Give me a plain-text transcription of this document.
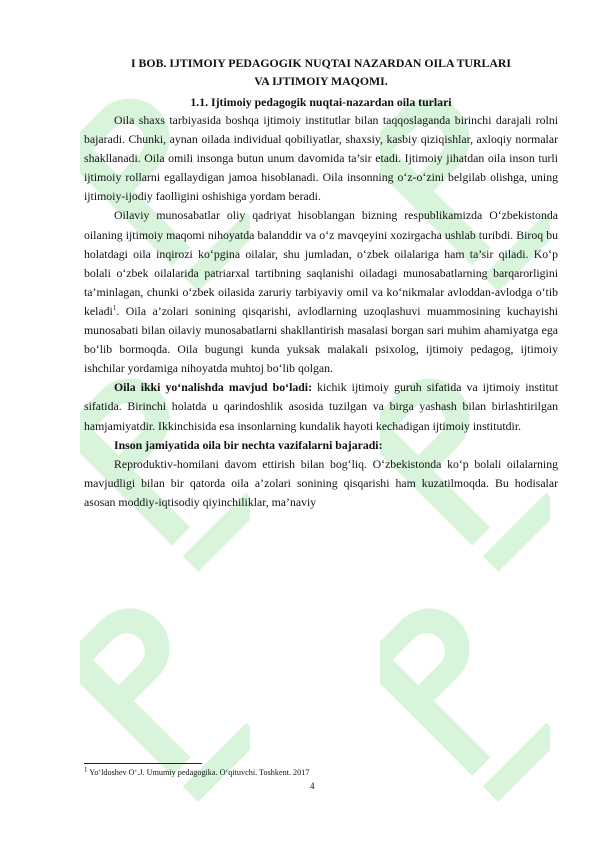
I BOB. IJTIMOIY PEDAGOGIK NUQTAI NAZARDAN OILA TURLARI
VA IJTIMOIY MAQOMI.

1.1. Ijtimoiy pedagogik nuqtai-nazardan oila turlari

Oila shaxs tarbiyasida boshqa ijtimoiy institutlar bilan taqqoslaganda birinchi darajali rolni bajaradi. Chunki, aynan oilada individual qobiliyatlar, shaxsiy, kasbiy qiziqishlar, axloqiy normalar shakllanadi. Oila omili insonga butun unum davomida ta’sir etadi. Ijtimoiy jihatdan oila inson turli ijtimoiy rollarni egallaydigan jamoa hisoblanadi. Oila insonning o‘z-o‘zini belgilab olishga, uning ijtimoiy-ijodiy faolligini oshishiga yordam beradi.

Oilaviy munosabatlar oliy qadriyat hisoblangan bizning respublikamizda O‘zbekistonda oilaning ijtimoiy maqomi nihoyatda balanddir va o‘z mavqeyini xozirgacha ushlab turibdi. Biroq bu holatdagi oila inqirozi ko‘pgina oilalar, shu jumladan, o‘zbek oilalariga ham ta’sir qiladi. Ko‘p bolali o‘zbek oilalarida patriarxal tartibning saqlanishi oiladagi munosabatlarning barqarorligini ta’minlagan, chunki o‘zbek oilasida zaruriy tarbiyaviy omil va ko‘nikmalar avloddan-avlodga o‘tib keladi$^1$. Oila a’zolari sonining qisqarishi, avlodlarning uzoqlashuvi muammosining kuchayishi munosabati bilan oilaviy munosabatlarni shakllantirish masalasi borgan sari muhim ahamiyatga ega bo‘lib bormoqda. Oila bugungi kunda yuksak malakali psixolog, ijtimoiy pedagog, ijtimoiy ishchilar yordamiga nihoyatda muhtoj bo‘lib qolgan.

Oila ikki yo‘nalishda mavjud bo‘ladi: kichik ijtimoiy guruh sifatida va ijtimoiy institut sifatida. Birinchi holatda u qarindoshlik asosida tuzilgan va birga yashash bilan birlashtirilgan hamjamiyatdir. Ikkinchisida esa insonlarning kundalik hayoti kechadigan ijtimoiy institutdir.

Inson jamiyatida oila bir nechta vazifalarni bajaradi:

Reproduktiv-homilani davom ettirish bilan bog‘liq. O‘zbekistonda ko‘p bolali oilalarning mavjudligi bilan bir qatorda oila a’zolari sonining qisqarishi ham kuzatilmoqda. Bu hodisalar asosan moddiy-iqtisodiy qiyinchiliklar, ma’naviy

$^1$ Yo‘ldoshev O‘.J. Umumiy pedagogika. O‘qituvchi. Toshkent. 2017
4
